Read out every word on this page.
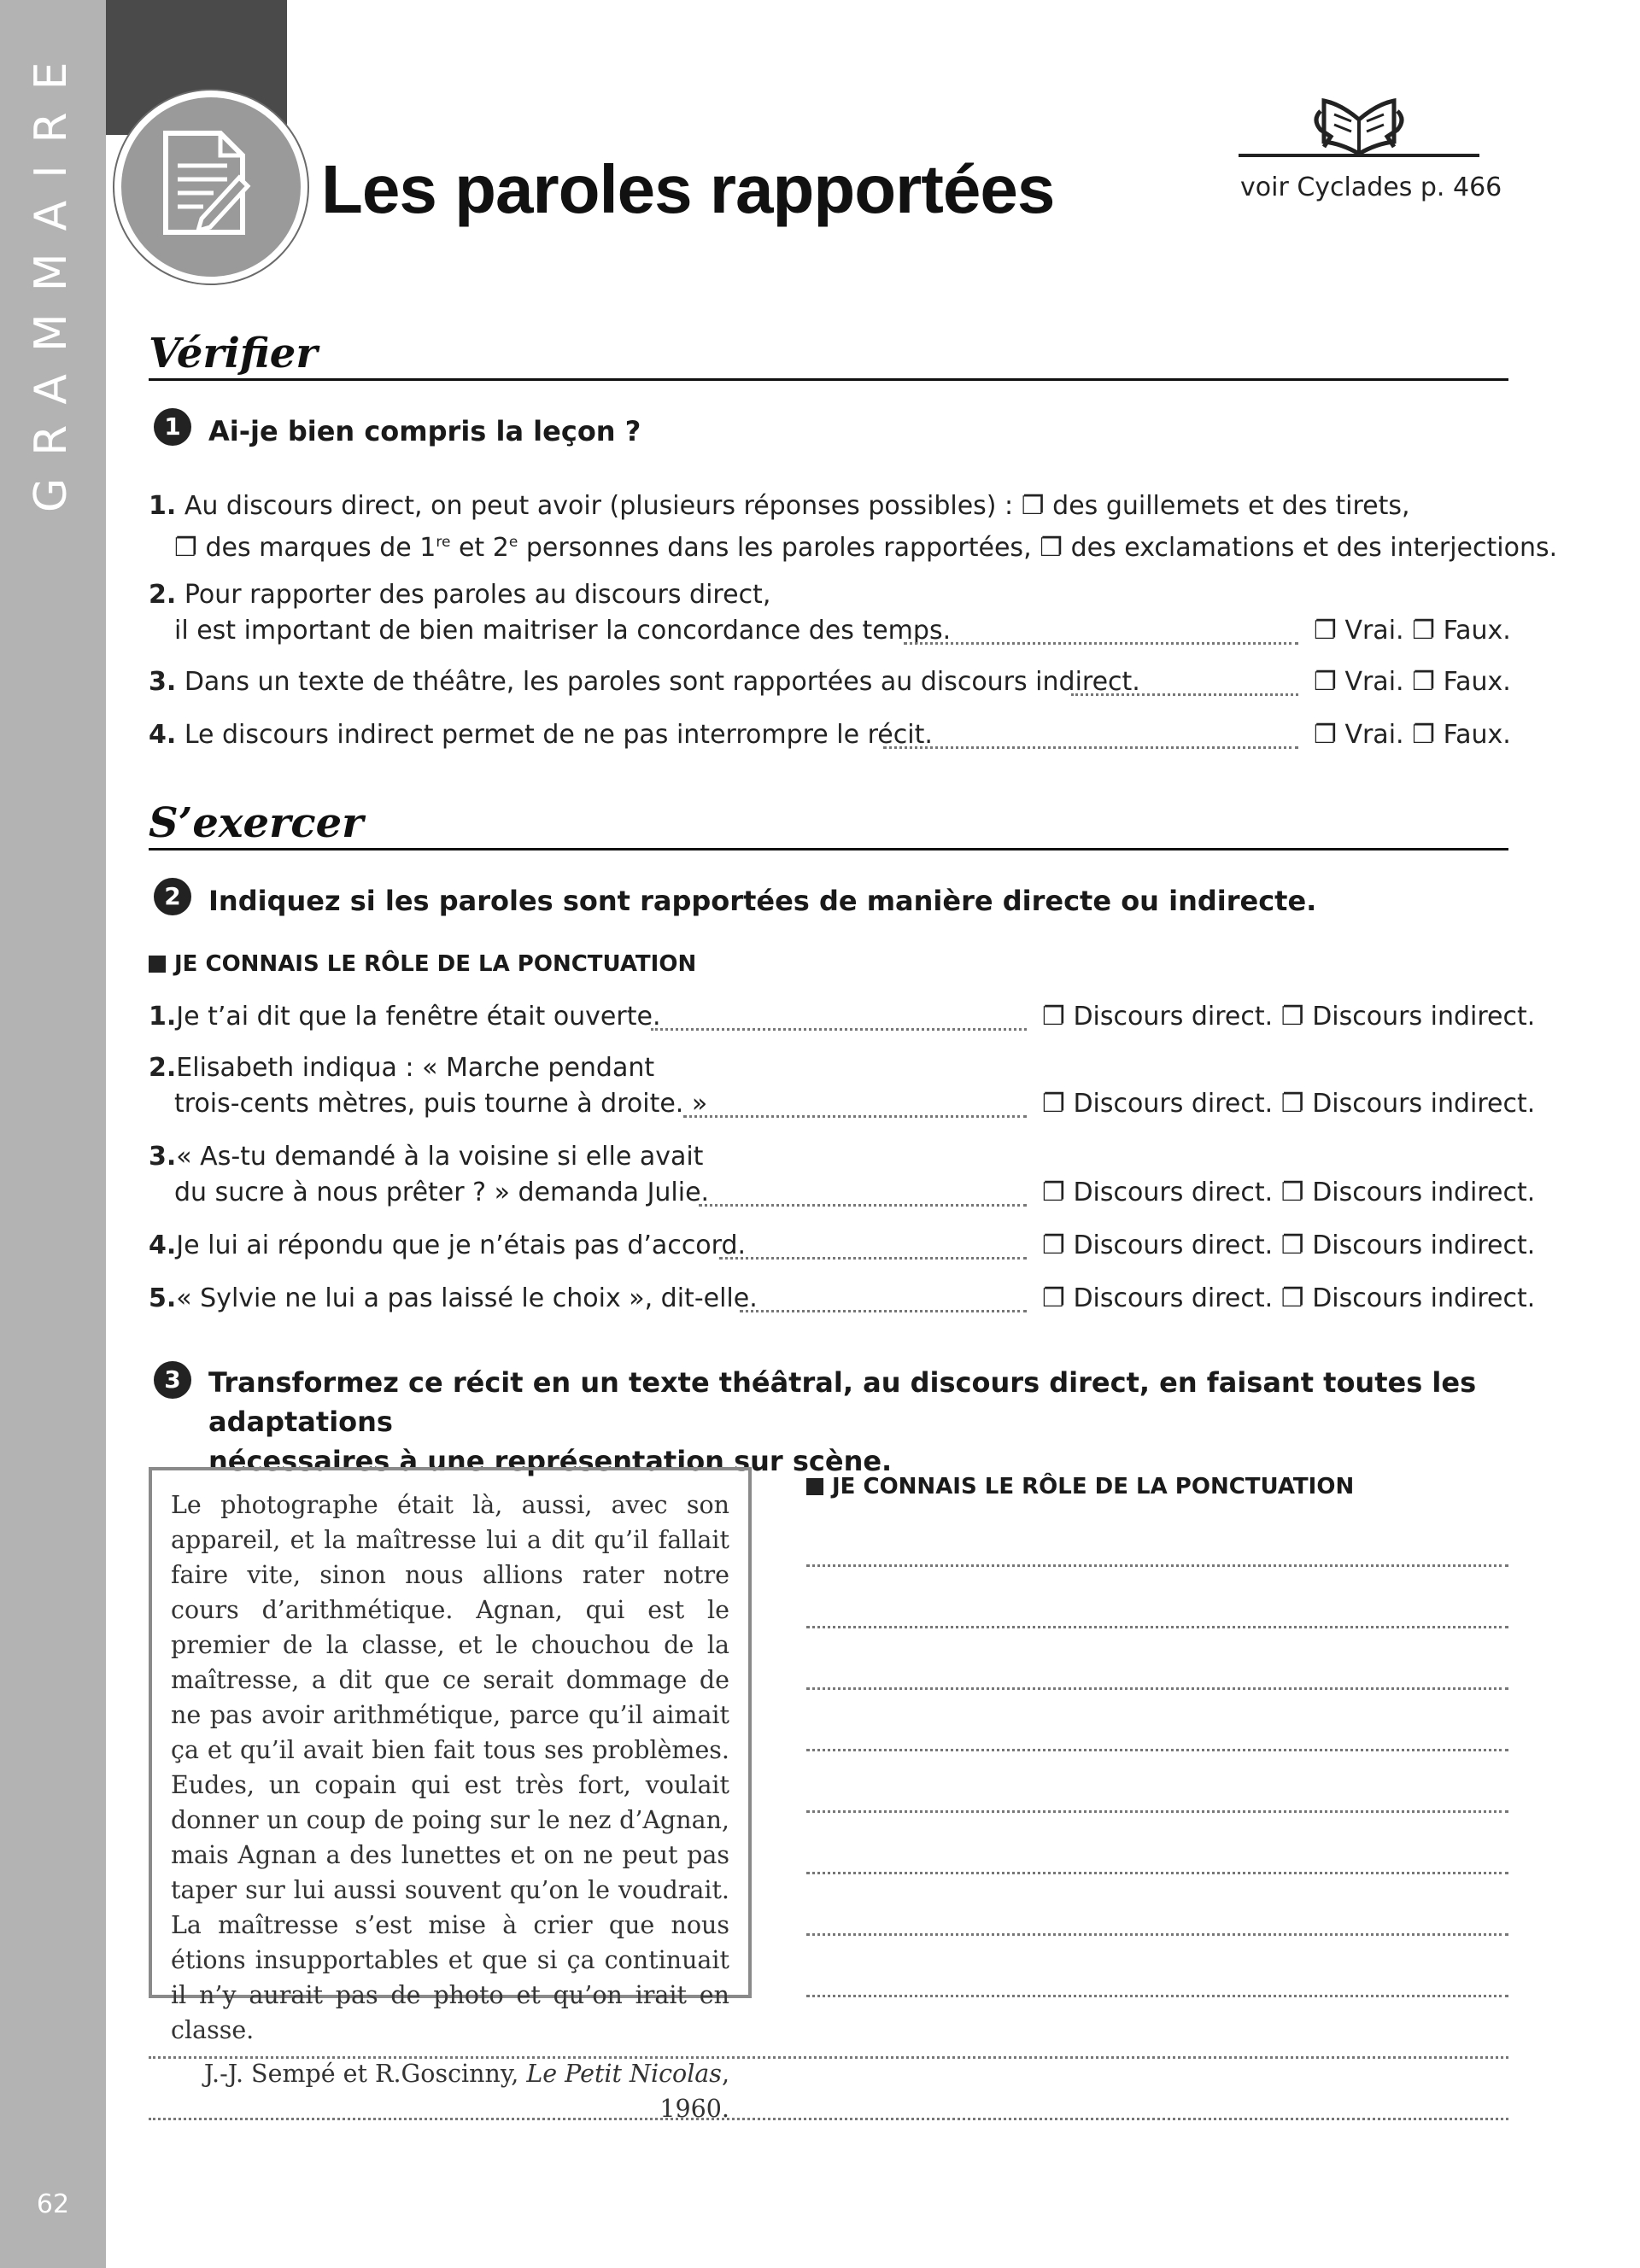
GRAMMAIRE
62
Les paroles rapportées	voir Cyclades p. 466
Vérifier
1	Ai-je bien compris la leçon ?
1. Au discours direct, on peut avoir (plusieurs réponses possibles) : ❐ des guillemets et des tirets,
❐ des marques de 1re et 2e personnes dans les paroles rapportées, ❐ des exclamations et des interjections.
2. Pour rapporter des paroles au discours direct,
il est important de bien maitriser la concordance des temps.	❐ Vrai. ❐ Faux.
3. Dans un texte de théâtre, les paroles sont rapportées au discours indirect.	❐ Vrai. ❐ Faux.
4. Le discours indirect permet de ne pas interrompre le récit.	❐ Vrai. ❐ Faux.
S’exercer
2	Indiquez si les paroles sont rapportées de manière directe ou indirecte.
JE CONNAIS LE RÔLE DE LA PONCTUATION
1.Je t’ai dit que la fenêtre était ouverte.	❐ Discours direct. ❐ Discours indirect.
2.Elisabeth indiqua : « Marche pendant
trois-cents mètres, puis tourne à droite. »	❐ Discours direct. ❐ Discours indirect.
3.« As-tu demandé à la voisine si elle avait
du sucre à nous prêter ? » demanda Julie.	❐ Discours direct. ❐ Discours indirect.
4.Je lui ai répondu que je n’étais pas d’accord.	❐ Discours direct. ❐ Discours indirect.
5.« Sylvie ne lui a pas laissé le choix », dit-elle.	❐ Discours direct. ❐ Discours indirect.
3	Transformez ce récit en un texte théâtral, au discours direct, en faisant toutes les adaptations
nécessaires à une représentation sur scène.
Le photographe était là, aussi, avec son appareil, et la maîtresse lui a dit qu’il fallait faire vite, sinon nous allions rater notre cours d’arithmétique. Agnan, qui est le premier de la classe, et le chouchou de la maîtresse, a dit que ce serait dommage de ne pas avoir arithmétique, parce qu’il aimait ça et qu’il avait bien fait tous ses problèmes. Eudes, un copain qui est très fort, voulait donner un coup de poing sur le nez d’Agnan, mais Agnan a des lunettes et on ne peut pas taper sur lui aussi souvent qu’on le voudrait. La maîtresse s’est mise à crier que nous étions insupportables et que si ça continuait il n’y aurait pas de photo et qu’on irait en classe.
J.-J. Sempé et R.Goscinny, Le Petit Nicolas, 1960.
JE CONNAIS LE RÔLE DE LA PONCTUATION
